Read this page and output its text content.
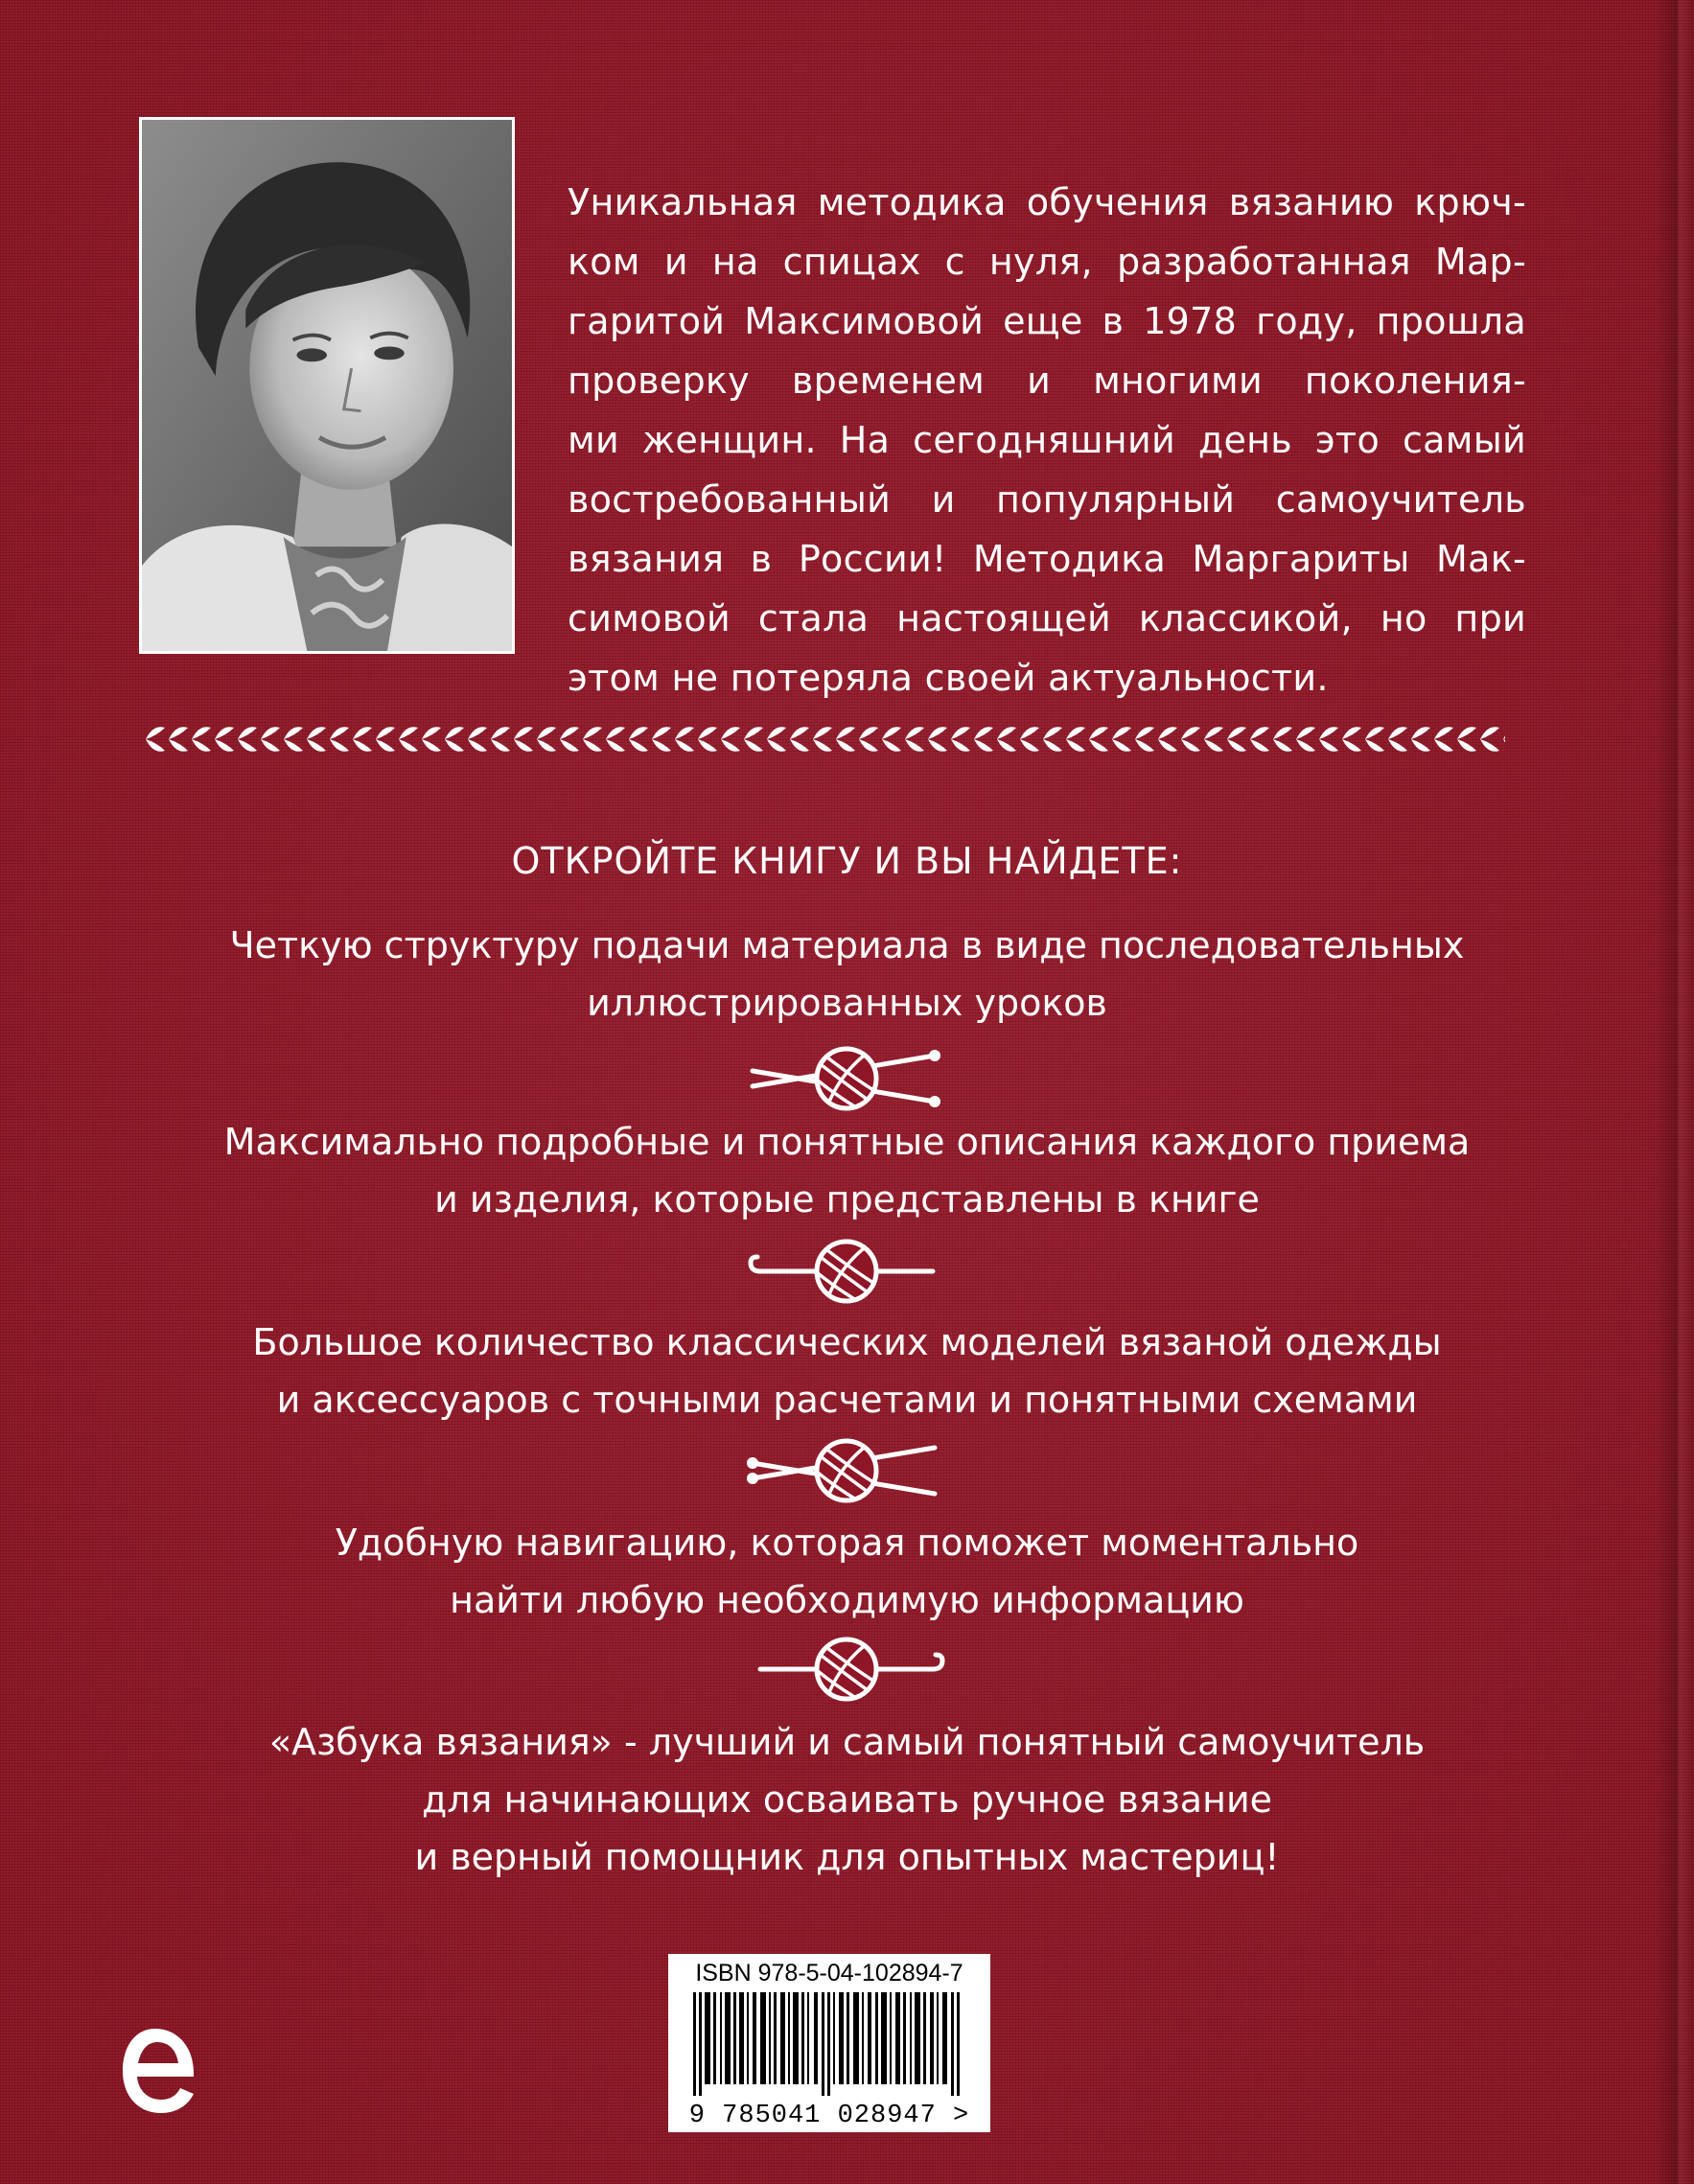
Уникальная методика обучения вязанию крюч-
ком и на спицах с нуля, разработанная Мар-
гаритой Максимовой еще в 1978 году, прошла
проверку временем и многими поколения-
ми женщин. На сегодняшний день это самый
востребованный и популярный самоучитель
вязания в России! Методика Маргариты Мак-
симовой стала настоящей классикой, но при
этом не потеряла своей актуальности.

ОТКРОЙТЕ КНИГУ И ВЫ НАЙДЕТЕ:

Четкую структуру подачи материала в виде последовательных
иллюстрированных уроков

Максимально подробные и понятные описания каждого приема
и изделия, которые представлены в книге

Большое количество классических моделей вязаной одежды
и аксессуаров с точными расчетами и понятными схемами

Удобную навигацию, которая поможет моментально
найти любую необходимую информацию

«Азбука вязания» - лучший и самый понятный самоучитель
для начинающих осваивать ручное вязание
и верный помощник для опытных мастериц!

ISBN 978-5-04-102894-7
9 785041 028947 >
